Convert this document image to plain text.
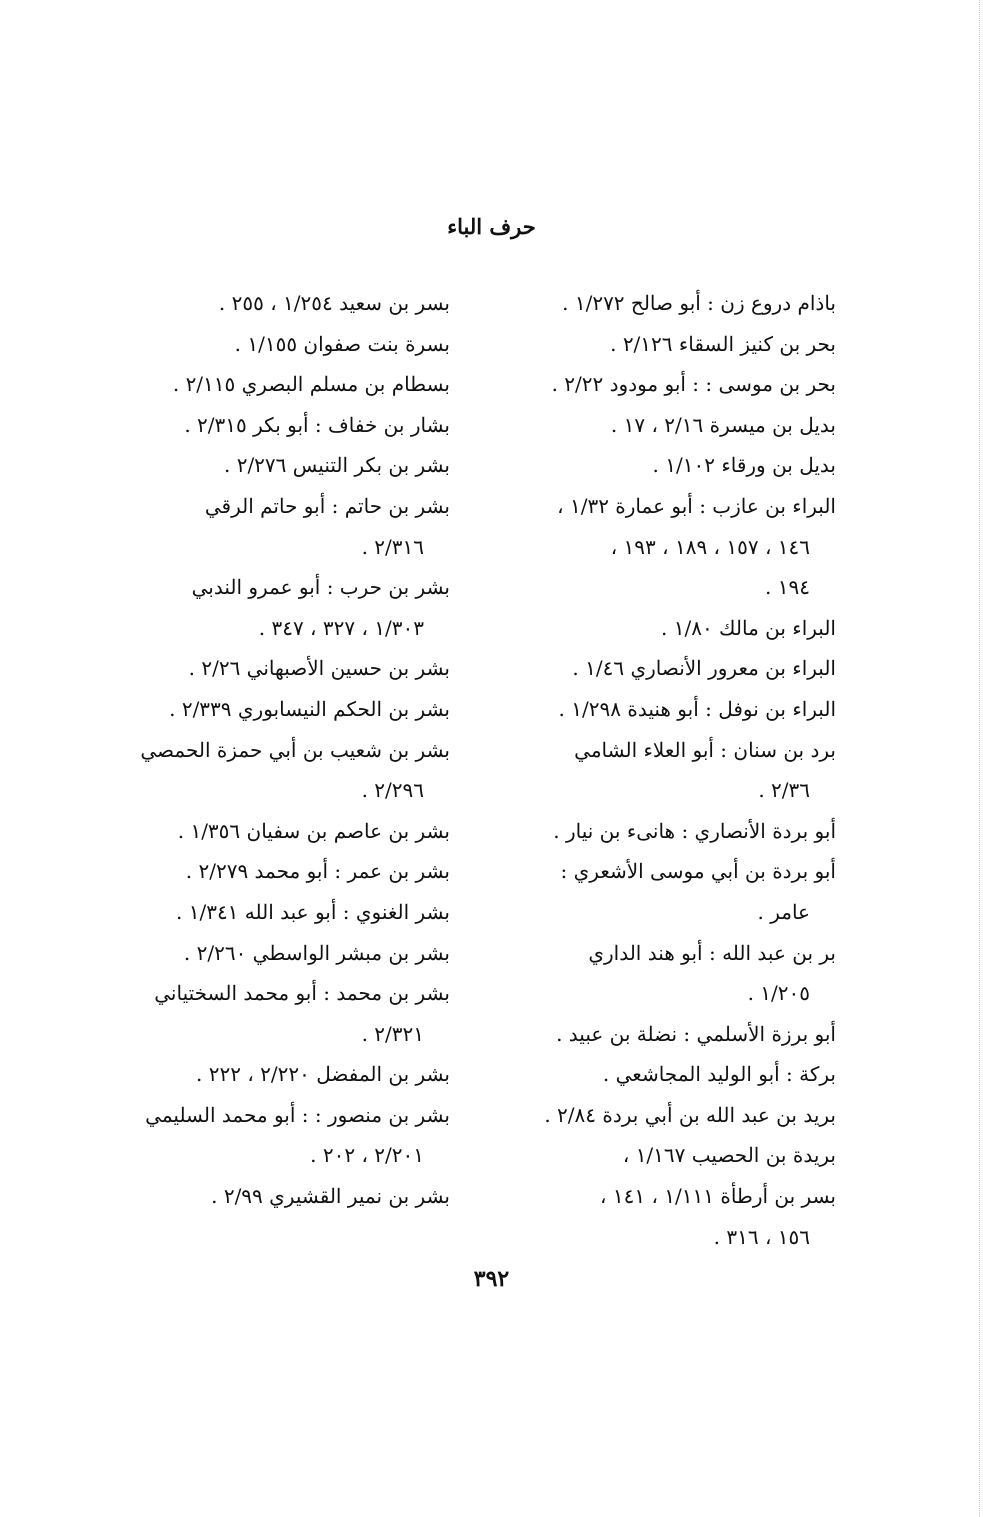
حرف الباء
باذام دروع زن : أبو صالح ١/٢٧٢ .
بحر بن كنيز السقاء ٢/١٢٦ .
بحر بن موسى : : أبو مودود ٢/٢٢ .
بديل بن ميسرة ٢/١٦ ، ١٧ .
بديل بن ورقاء ١/١٠٢ .
البراء بن عازب : أبو عمارة ١/٣٢ ،
١٤٦ ، ١٥٧ ، ١٨٩ ، ١٩٣ ،
١٩٤ .
البراء بن مالك ١/٨٠ .
البراء بن معرور الأنصاري ١/٤٦ .
البراء بن نوفل : أبو هنيدة ١/٢٩٨ .
برد بن سنان : أبو العلاء الشامي
٢/٣٦ .
أبو بردة الأنصاري : هانىء بن نيار .
أبو بردة بن أبي موسى الأشعري :
عامر .
بر بن عبد الله : أبو هند الداري
١/٢٠٥ .
أبو برزة الأسلمي : نضلة بن عبيد .
بركة : أبو الوليد المجاشعي .
بريد بن عبد الله بن أبي بردة ٢/٨٤ .
بريدة بن الحصيب ١/١٦٧ ،
بسر بن أرطأة ١/١١١ ، ١٤١ ،
١٥٦ ، ٣١٦ .
بسر بن سعيد ١/٢٥٤ ، ٢٥٥ .
بسرة بنت صفوان ١/١٥٥ .
بسطام بن مسلم البصري ٢/١١٥ .
بشار بن خفاف : أبو بكر ٢/٣١٥ .
بشر بن بكر التنيس ٢/٢٧٦ .
بشر بن حاتم : أبو حاتم الرقي
٢/٣١٦ .
بشر بن حرب : أبو عمرو الندبي
١/٣٠٣ ، ٣٢٧ ، ٣٤٧ .
بشر بن حسين الأصبهاني ٢/٢٦ .
بشر بن الحكم النيسابوري ٢/٣٣٩ .
بشر بن شعيب بن أبي حمزة الحمصي
٢/٢٩٦ .
بشر بن عاصم بن سفيان ١/٣٥٦ .
بشر بن عمر : أبو محمد ٢/٢٧٩ .
بشر الغنوي : أبو عبد الله ١/٣٤١ .
بشر بن مبشر الواسطي ٢/٢٦٠ .
بشر بن محمد : أبو محمد السختياني
٢/٣٢١ .
بشر بن المفضل ٢/٢٢٠ ، ٢٢٢ .
بشر بن منصور : : أبو محمد السليمي
٢/٢٠١ ، ٢٠٢ .
بشر بن نمير القشيري ٢/٩٩ .
٣٩٢
